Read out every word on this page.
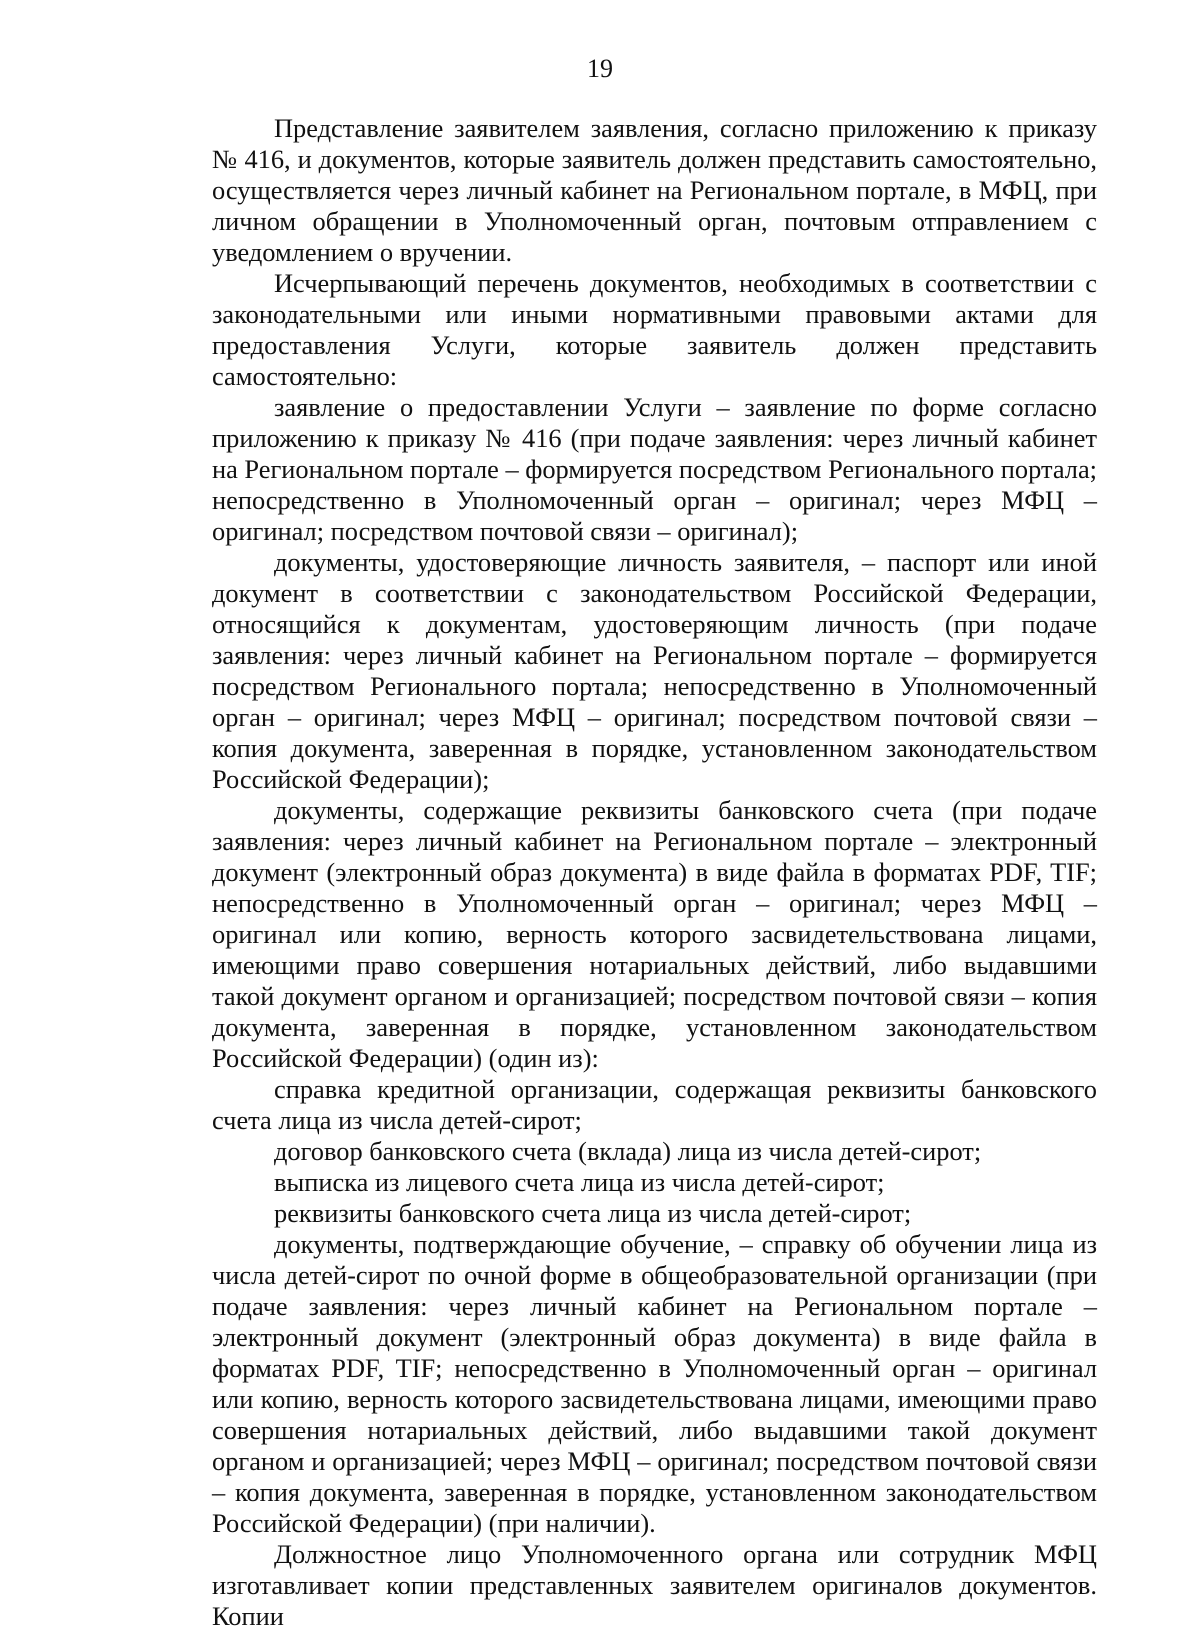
19

Представление заявителем заявления, согласно приложению к приказу № 416, и документов, которые заявитель должен представить самостоятельно, осуществляется через личный кабинет на Региональном портале, в МФЦ, при личном обращении в Уполномоченный орган, почтовым отправлением с уведомлением о вручении.

Исчерпывающий перечень документов, необходимых в соответствии с законодательными или иными нормативными правовыми актами для предоставления Услуги, которые заявитель должен представить самостоятельно:

заявление о предоставлении Услуги – заявление по форме согласно приложению к приказу № 416 (при подаче заявления: через личный кабинет на Региональном портале – формируется посредством Регионального портала; непосредственно в Уполномоченный орган – оригинал; через МФЦ – оригинал; посредством почтовой связи – оригинал);

документы, удостоверяющие личность заявителя, – паспорт или иной документ в соответствии с законодательством Российской Федерации, относящийся к документам, удостоверяющим личность (при подаче заявления: через личный кабинет на Региональном портале – формируется посредством Регионального портала; непосредственно в Уполномоченный орган – оригинал; через МФЦ – оригинал; посредством почтовой связи – копия документа, заверенная в порядке, установленном законодательством Российской Федерации);

документы, содержащие реквизиты банковского счета (при подаче заявления: через личный кабинет на Региональном портале – электронный документ (электронный образ документа) в виде файла в форматах PDF, TIF; непосредственно в Уполномоченный орган – оригинал; через МФЦ – оригинал или копию, верность которого засвидетельствована лицами, имеющими право совершения нотариальных действий, либо выдавшими такой документ органом и организацией; посредством почтовой связи – копия документа, заверенная в порядке, установленном законодательством Российской Федерации) (один из):

справка кредитной организации, содержащая реквизиты банковского счета лица из числа детей-сирот;

договор банковского счета (вклада) лица из числа детей-сирот;

выписка из лицевого счета лица из числа детей-сирот;

реквизиты банковского счета лица из числа детей-сирот;

документы, подтверждающие обучение, – справку об обучении лица из числа детей-сирот по очной форме в общеобразовательной организации (при подаче заявления: через личный кабинет на Региональном портале – электронный документ (электронный образ документа) в виде файла в форматах PDF, TIF; непосредственно в Уполномоченный орган – оригинал или копию, верность которого засвидетельствована лицами, имеющими право совершения нотариальных действий, либо выдавшими такой документ органом и организацией; через МФЦ – оригинал; посредством почтовой связи – копия документа, заверенная в порядке, установленном законодательством Российской Федерации) (при наличии).

Должностное лицо Уполномоченного органа или сотрудник МФЦ изготавливает копии представленных заявителем оригиналов документов. Копии
